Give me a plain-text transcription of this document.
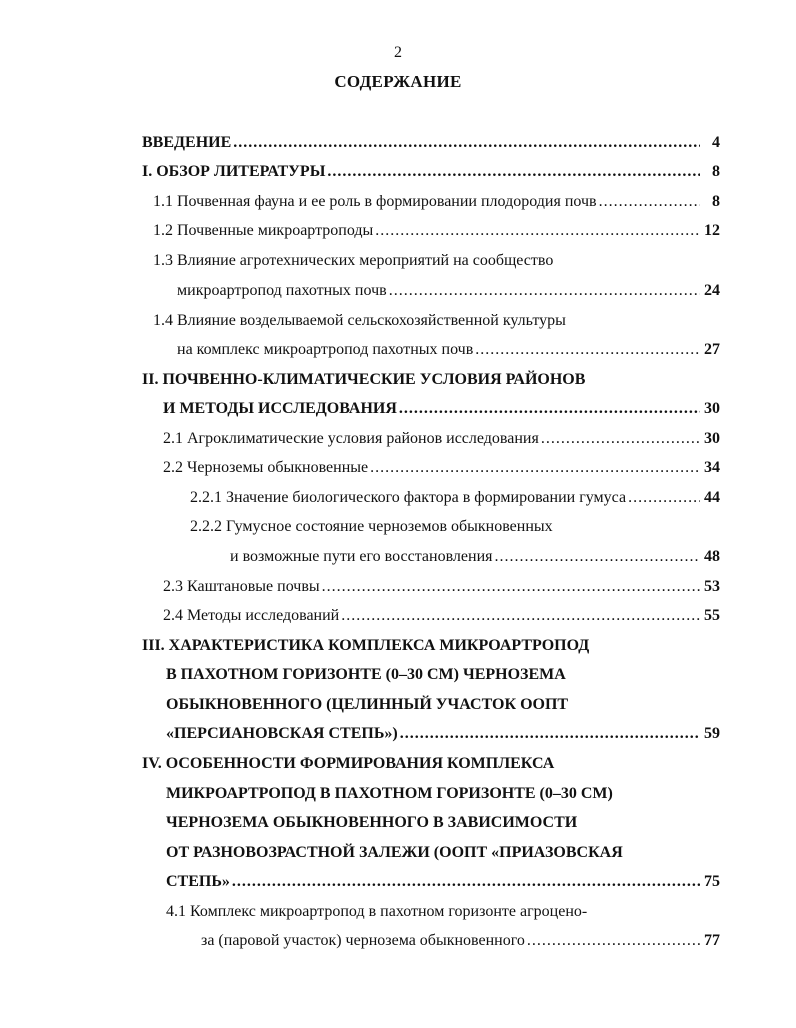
2
СОДЕРЖАНИЕ
ВВЕДЕНИЕ .....	4
I. ОБЗОР ЛИТЕРАТУРЫ .....	8
1.1 Почвенная фауна и ее роль в формировании плодородия почв .....	8
1.2 Почвенные микроартроподы .....	12
1.3 Влияние агротехнических мероприятий на сообщество
микроартропод пахотных почв .....	24
1.4 Влияние возделываемой сельскохозяйственной культуры
на комплекс микроартропод пахотных почв .....	27
II. ПОЧВЕННО-КЛИМАТИЧЕСКИЕ УСЛОВИЯ РАЙОНОВ
И МЕТОДЫ ИССЛЕДОВАНИЯ .....	30
2.1 Агроклиматические условия районов исследования .....	30
2.2 Черноземы обыкновенные .....	34
2.2.1 Значение биологического фактора в формировании гумуса .....	44
2.2.2 Гумусное состояние черноземов обыкновенных
и возможные пути его восстановления .....	48
2.3 Каштановые почвы .....	53
2.4 Методы исследований .....	55
III. ХАРАКТЕРИСТИКА КОМПЛЕКСА МИКРОАРТРОПОД
В ПАХОТНОМ ГОРИЗОНТЕ (0–30 СМ) ЧЕРНОЗЕМА
ОБЫКНОВЕННОГО (ЦЕЛИННЫЙ УЧАСТОК ООПТ
«ПЕРСИАНОВСКАЯ СТЕПЬ») .....	59
IV. ОСОБЕННОСТИ ФОРМИРОВАНИЯ КОМПЛЕКСА
МИКРОАРТРОПОД В ПАХОТНОМ ГОРИЗОНТЕ (0–30 СМ)
ЧЕРНОЗЕМА ОБЫКНОВЕННОГО В ЗАВИСИМОСТИ
ОТ РАЗНОВОЗРАСТНОЙ ЗАЛЕЖИ (ООПТ «ПРИАЗОВСКАЯ
СТЕПЬ» .....	75
4.1 Комплекс микроартропод в пахотном горизонте агроцено-
за (паровой участок) чернозема обыкновенного .....	77
